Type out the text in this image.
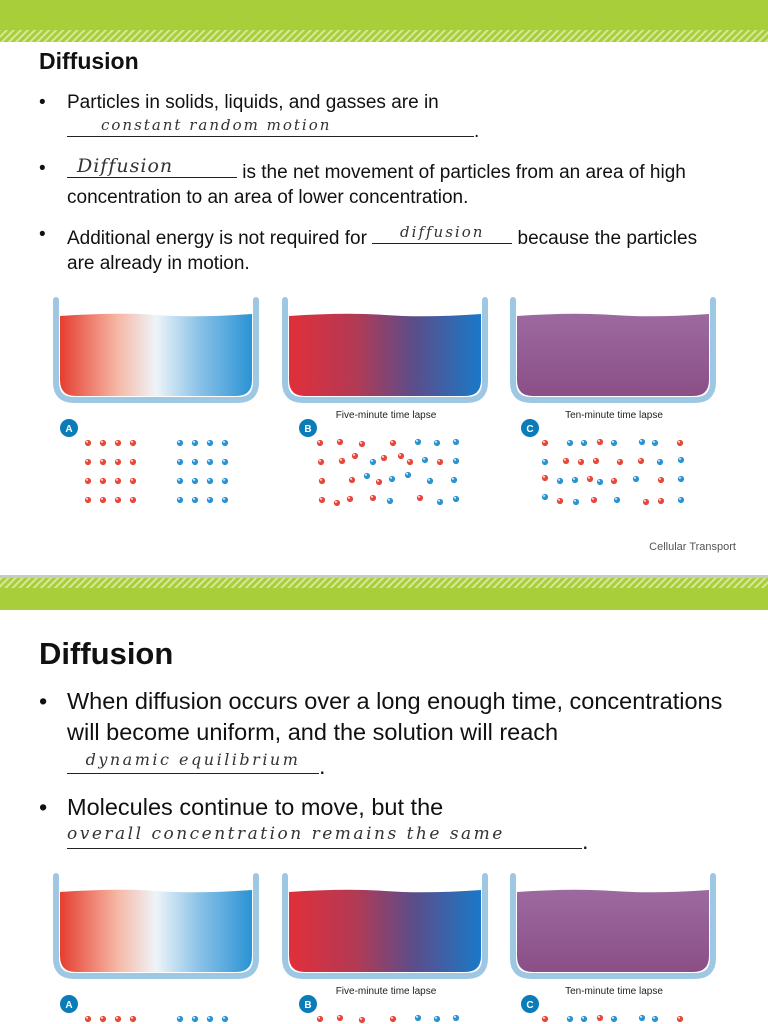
Diffusion
• Particles in solids, liquids, and gasses are in

constant random motion	.
• Diffusion	is the net movement of particles from an area of high concentration to an area of lower concentration.
• Additional energy is not required for	diffusion	because the particles are already in motion.
Five-minute time lapse	Ten-minute time lapse
A	B	C
Cellular Transport
Diffusion
• When diffusion occurs over a long enough time, concentrations will become uniform, and the solution will reach
dynamic equilibrium .
• Molecules continue to move, but the

overall concentration remains the same	.
Five-minute time lapse	Ten-minute time lapse
A	B	C
